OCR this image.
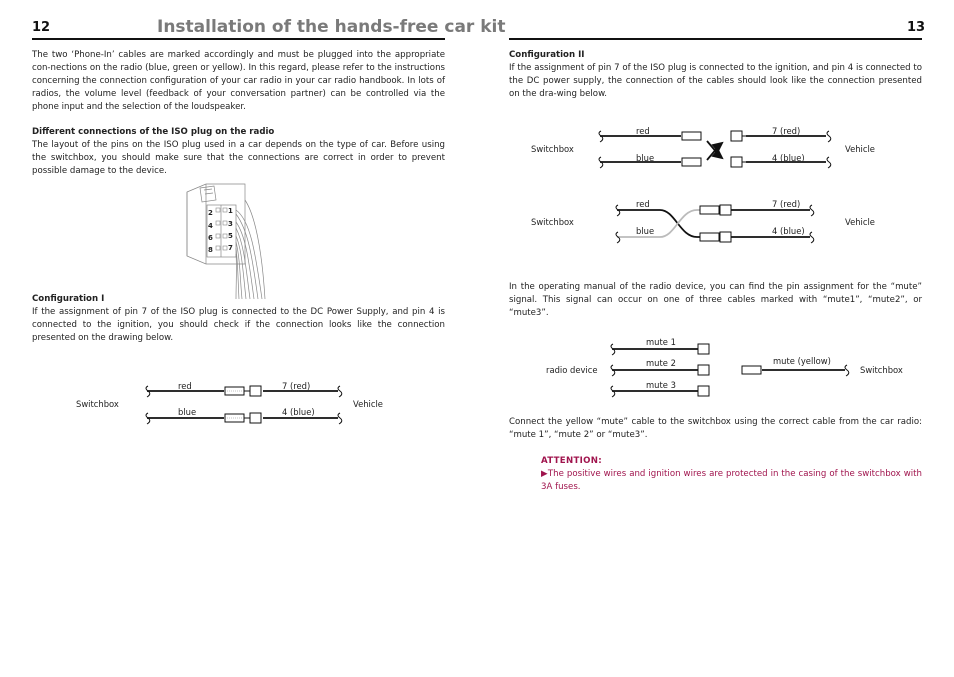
12	Installation of the hands-free car kit

The two ‘Phone-In’ cables are marked accordingly and must be plugged into the appropriate con-nections on the radio (blue, green or yellow). In this regard, please refer to the instructions concerning the connection configuration of your car radio in your car radio handbook. In lots of radios, the volume level (feedback of your conversation partner) can be controlled via the phone input and the selection of the loudspeaker.

Different connections of the ISO plug on the radio

The layout of the pins on the ISO plug used in a car depends on the type of car. Before using the switchbox, you should make sure that the connections are correct in order to prevent possible damage to the device.

Configuration I

If the assignment of pin 7 of the ISO plug is connected to the DC Power Supply, and pin 4 is connected to the ignition, you should check if the connection looks like the connection presented on the drawing below.

2 1
4 3
6 5
8 7
Switchbox	Vehicle
red	7 (red)
blue	4 (blue)
13

Configuration II

If the assignment of pin 7 of the ISO plug is connected to the ignition, and pin 4 is connected to the DC power supply, the connection of the cables should look like the connection presented on the dra-wing below.

Switchbox	Vehicle
red	7 (red)
blue	4 (blue)
Switchbox	Vehicle
red	7 (red)
blue	4 (blue)

In the operating manual of the radio device, you can find the pin assignment for the “mute” signal. This signal can occur on one of three cables marked with “mute1”, “mute2”, or “mute3”.

radio device	Switchbox
mute 1
mute 2
mute 3
mute (yellow)

Connect the yellow “mute” cable to the switchbox using the correct cable from the car radio: “mute 1”, “mute 2” or “mute3”.

ATTENTION:
▶The positive wires and ignition wires are protected in the casing of the switchbox with 3A fuses.
